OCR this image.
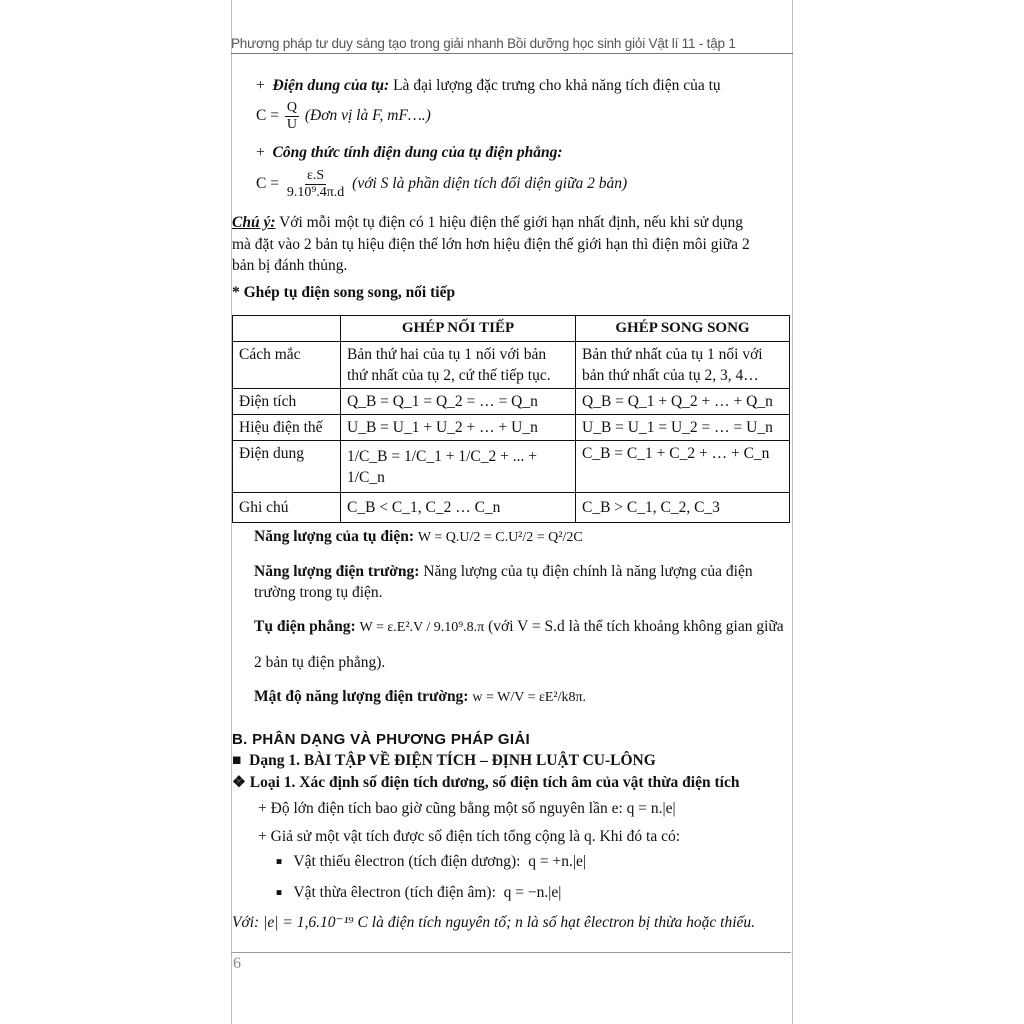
Phương pháp tư duy sáng tạo trong giải nhanh Bồi dưỡng học sinh giỏi Vật lí 11 - tập 1
+ Điện dung của tụ: Là đại lượng đặc trưng cho khả năng tích điện của tụ
$C = \frac{Q}{U}$ (Đơn vị là F, mF….)
+ Công thức tính điện dung của tụ điện phẳng:
$C = \frac{\varepsilon.S}{\text{9.10⁹.4π.d}}$ (với S là phần diện tích đối diện giữa 2 bản)
Chú ý: Với mỗi một tụ điện có 1 hiệu điện thế giới hạn nhất định, nếu khi sử dụng
mà đặt vào 2 bản tụ hiệu điện thế lớn hơn hiệu điện thế giới hạn thì điện môi giữa 2
bản bị đánh thủng.
* Ghép tụ điện song song, nối tiếp
	GHÉP NỐI TIẾP	GHÉP SONG SONG
Cách mắc	Bản thứ hai của tụ 1 nối với bản thứ nhất của tụ 2, cứ thế tiếp tục.	Bản thứ nhất của tụ 1 nối với bản thứ nhất của tụ 2, 3, 4…
Điện tích	Q_B = Q_1 = Q_2 = … = Q_n	Q_B = Q_1 + Q_2 + … + Q_n
Hiệu điện thế	U_B = U_1 + U_2 + … + U_n	U_B = U_1 = U_2 = … = U_n
Điện dung	1/C_B = 1/C_1 + 1/C_2 + ... + 1/C_n	C_B = C_1 + C_2 + … + C_n
Ghi chú	C_B < C_1, C_2 … C_n	C_B > C_1, C_2, C_3
Năng lượng của tụ điện: W = Q.U/2 = C.U²/2 = Q²/2C
Năng lượng điện trường: Năng lượng của tụ điện chính là năng lượng của điện
trường trong tụ điện.
Tụ điện phẳng: W = ε.E².V / 9.10⁹.8.π (với V = S.d là thể tích khoảng không gian giữa
2 bản tụ điện phẳng).
Mật độ năng lượng điện trường: w = W/V = εE²/k8π.
B. PHÂN DẠNG VÀ PHƯƠNG PHÁP GIẢI
■ Dạng 1. BÀI TẬP VỀ ĐIỆN TÍCH – ĐỊNH LUẬT CU-LÔNG
❖ Loại 1. Xác định số điện tích dương, số điện tích âm của vật thừa điện tích
+ Độ lớn điện tích bao giờ cũng bằng một số nguyên lần e: q = n.|e|
+ Giả sử một vật tích được số điện tích tổng cộng là q. Khi đó ta có:
■ Vật thiếu êlectron (tích điện dương): q = +n.|e|
■ Vật thừa êlectron (tích điện âm): q = −n.|e|
Với: |e| = 1,6.10⁻¹⁹ C là điện tích nguyên tố; n là số hạt êlectron bị thừa hoặc thiếu.
6
